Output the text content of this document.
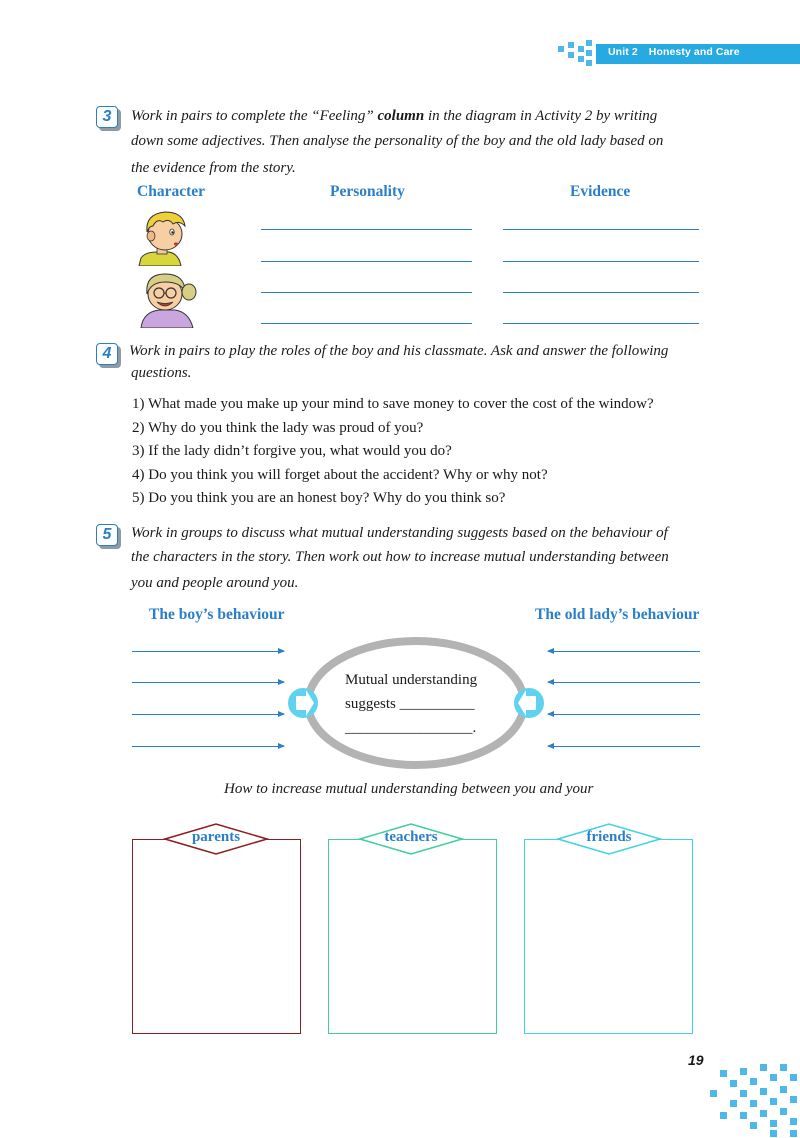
Unit 2 Honesty and Care
3	Work in pairs to complete the “Feeling” column in the diagram in Activity 2 by writing
down some adjectives. Then analyse the personality of the boy and the old lady based on
the evidence from the story.
Character	Personality	Evidence
4	Work in pairs to play the roles of the boy and his classmate. Ask and answer the following
questions.
1) What made you make up your mind to save money to cover the cost of the window?
2) Why do you think the lady was proud of you?
3) If the lady didn’t forgive you, what would you do?
4) Do you think you will forget about the accident? Why or why not?
5) Do you think you are an honest boy? Why do you think so?
5	Work in groups to discuss what mutual understanding suggests based on the behaviour of
the characters in the story. Then work out how to increase mutual understanding between
you and people around you.
The boy’s behaviour	The old lady’s behaviour
Mutual understanding
suggests __________
_________________.
How to increase mutual understanding between you and your
parents	teachers	friends
19
